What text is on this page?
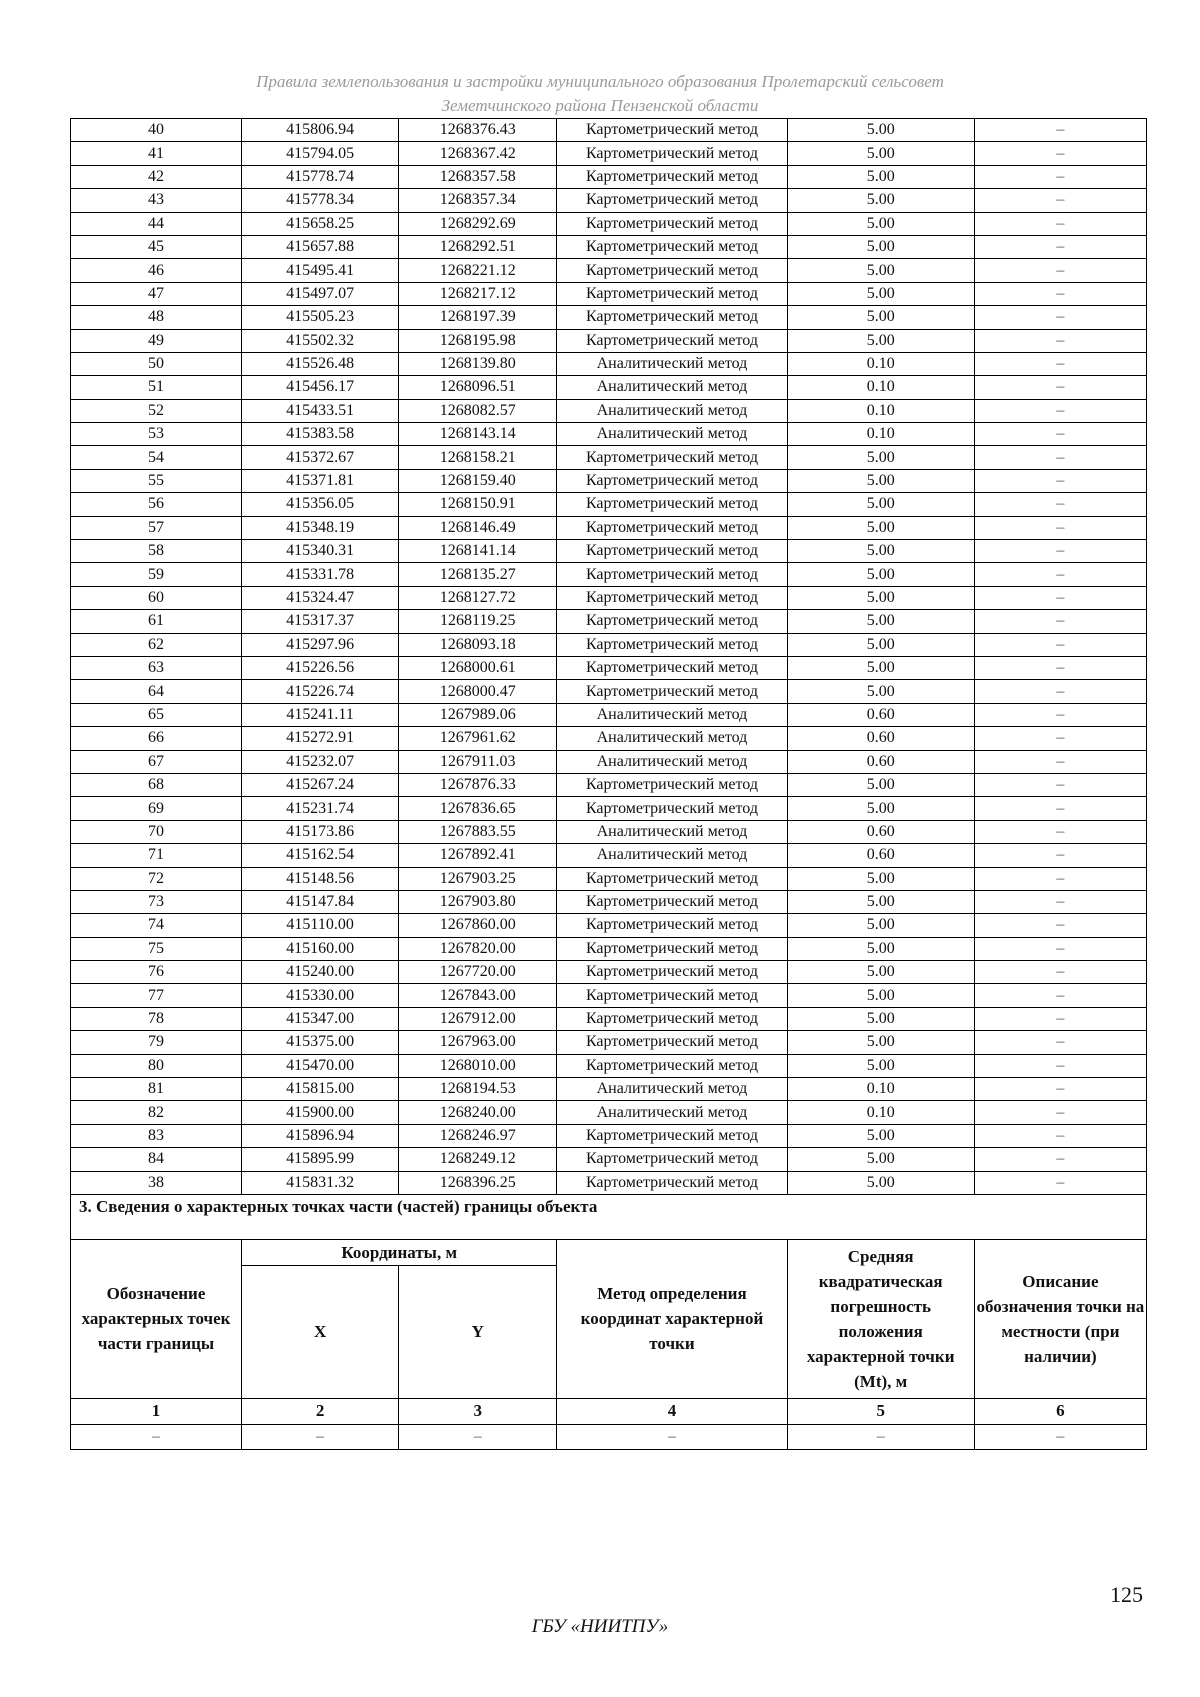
Правила землепользования и застройки муниципального образования Пролетарский сельсовет
Земетчинского района Пензенской области
40	415806.94	1268376.43	Картометрический метод	5.00	–
41	415794.05	1268367.42	Картометрический метод	5.00	–
42	415778.74	1268357.58	Картометрический метод	5.00	–
43	415778.34	1268357.34	Картометрический метод	5.00	–
44	415658.25	1268292.69	Картометрический метод	5.00	–
45	415657.88	1268292.51	Картометрический метод	5.00	–
46	415495.41	1268221.12	Картометрический метод	5.00	–
47	415497.07	1268217.12	Картометрический метод	5.00	–
48	415505.23	1268197.39	Картометрический метод	5.00	–
49	415502.32	1268195.98	Картометрический метод	5.00	–
50	415526.48	1268139.80	Аналитический метод	0.10	–
51	415456.17	1268096.51	Аналитический метод	0.10	–
52	415433.51	1268082.57	Аналитический метод	0.10	–
53	415383.58	1268143.14	Аналитический метод	0.10	–
54	415372.67	1268158.21	Картометрический метод	5.00	–
55	415371.81	1268159.40	Картометрический метод	5.00	–
56	415356.05	1268150.91	Картометрический метод	5.00	–
57	415348.19	1268146.49	Картометрический метод	5.00	–
58	415340.31	1268141.14	Картометрический метод	5.00	–
59	415331.78	1268135.27	Картометрический метод	5.00	–
60	415324.47	1268127.72	Картометрический метод	5.00	–
61	415317.37	1268119.25	Картометрический метод	5.00	–
62	415297.96	1268093.18	Картометрический метод	5.00	–
63	415226.56	1268000.61	Картометрический метод	5.00	–
64	415226.74	1268000.47	Картометрический метод	5.00	–
65	415241.11	1267989.06	Аналитический метод	0.60	–
66	415272.91	1267961.62	Аналитический метод	0.60	–
67	415232.07	1267911.03	Аналитический метод	0.60	–
68	415267.24	1267876.33	Картометрический метод	5.00	–
69	415231.74	1267836.65	Картометрический метод	5.00	–
70	415173.86	1267883.55	Аналитический метод	0.60	–
71	415162.54	1267892.41	Аналитический метод	0.60	–
72	415148.56	1267903.25	Картометрический метод	5.00	–
73	415147.84	1267903.80	Картометрический метод	5.00	–
74	415110.00	1267860.00	Картометрический метод	5.00	–
75	415160.00	1267820.00	Картометрический метод	5.00	–
76	415240.00	1267720.00	Картометрический метод	5.00	–
77	415330.00	1267843.00	Картометрический метод	5.00	–
78	415347.00	1267912.00	Картометрический метод	5.00	–
79	415375.00	1267963.00	Картометрический метод	5.00	–
80	415470.00	1268010.00	Картометрический метод	5.00	–
81	415815.00	1268194.53	Аналитический метод	0.10	–
82	415900.00	1268240.00	Аналитический метод	0.10	–
83	415896.94	1268246.97	Картометрический метод	5.00	–
84	415895.99	1268249.12	Картометрический метод	5.00	–
38	415831.32	1268396.25	Картометрический метод	5.00	–
3. Сведения о характерных точках части (частей) границы объекта					
Обозначение характерных точек части границы	Координаты, м		Метод определения координат характерной точки	Средняя квадратическая погрешность положения характерной точки (Mt), м	Описание обозначения точки на местности (при наличии)
	X	Y			
1	2	3	4	5	6
–	–	–	–	–	–
125
ГБУ «НИИТПУ»
